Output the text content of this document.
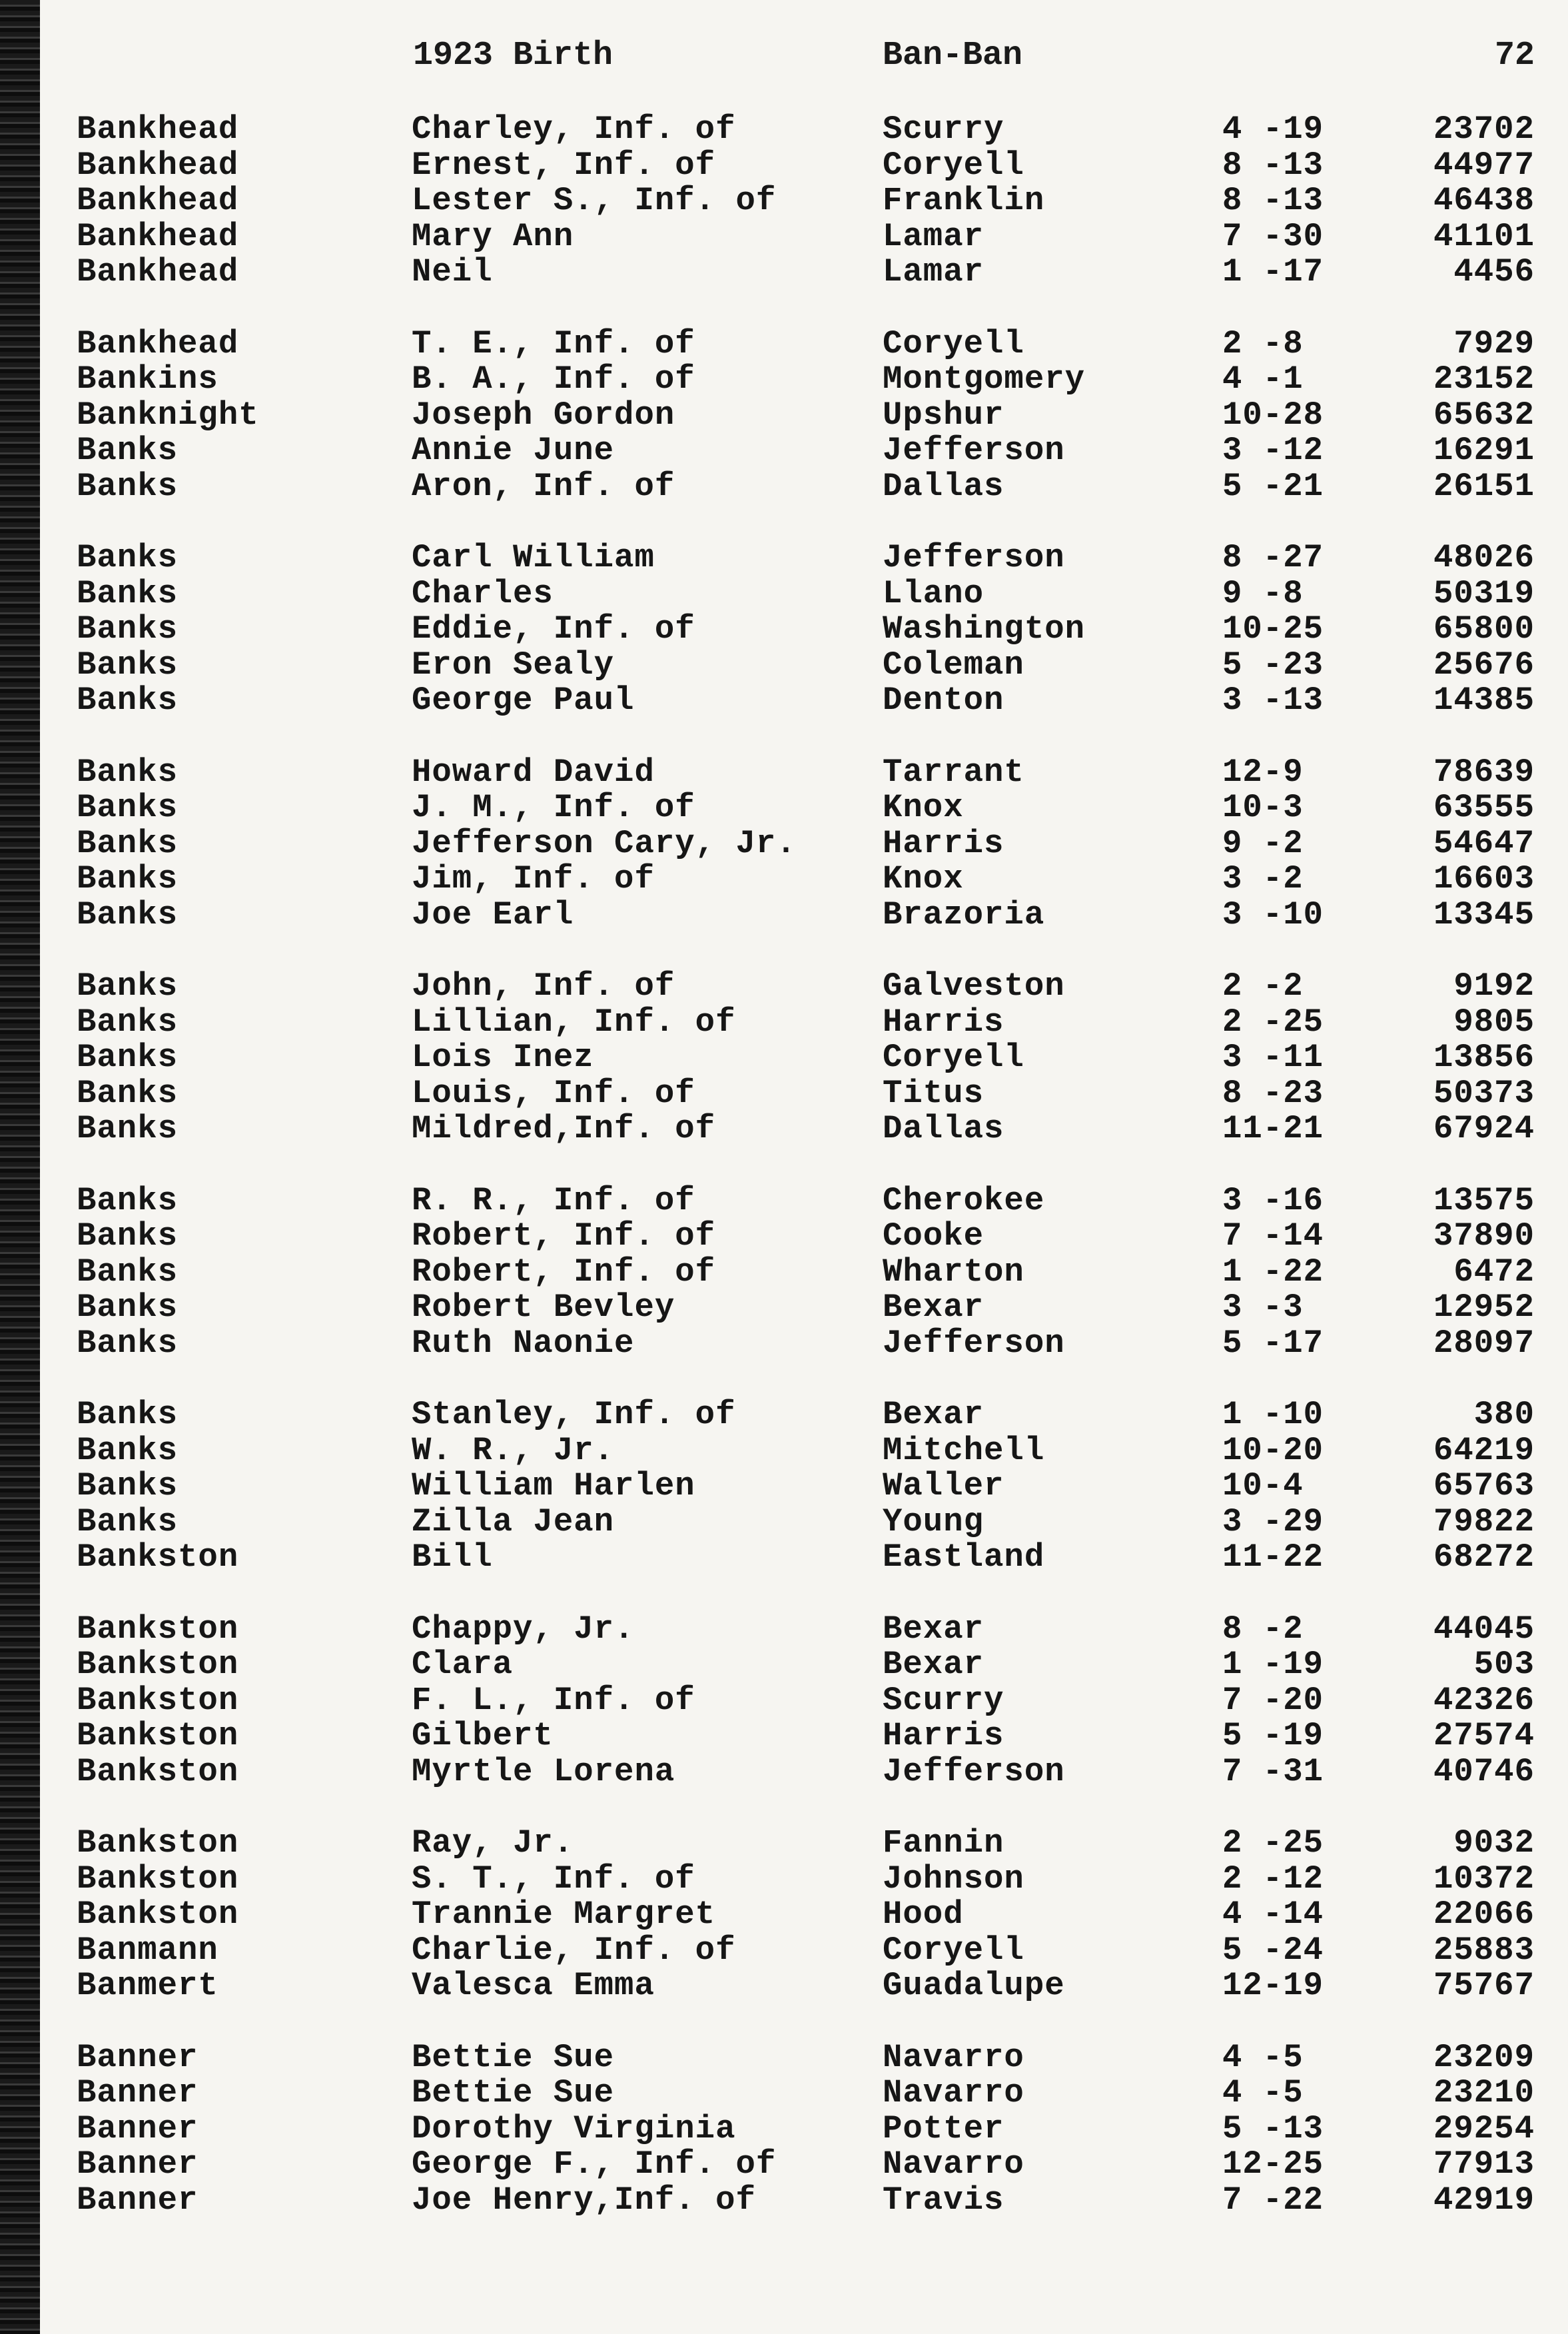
1923 Birth	Ban-Ban	72
Bankhead	Charley, Inf. of	Scurry	4 -19	23702
Bankhead	Ernest, Inf. of	Coryell	8 -13	44977
Bankhead	Lester S., Inf. of	Franklin	8 -13	46438
Bankhead	Mary Ann	Lamar	7 -30	41101
Bankhead	Neil	Lamar	1 -17	4456
Bankhead	T. E., Inf. of	Coryell	2 -8	7929
Bankins	B. A., Inf. of	Montgomery	4 -1	23152
Banknight	Joseph Gordon	Upshur	10-28	65632
Banks	Annie June	Jefferson	3 -12	16291
Banks	Aron, Inf. of	Dallas	5 -21	26151
Banks	Carl William	Jefferson	8 -27	48026
Banks	Charles	Llano	9 -8	50319
Banks	Eddie, Inf. of	Washington	10-25	65800
Banks	Eron Sealy	Coleman	5 -23	25676
Banks	George Paul	Denton	3 -13	14385
Banks	Howard David	Tarrant	12-9	78639
Banks	J. M., Inf. of	Knox	10-3	63555
Banks	Jefferson Cary, Jr.	Harris	9 -2	54647
Banks	Jim, Inf. of	Knox	3 -2	16603
Banks	Joe Earl	Brazoria	3 -10	13345
Banks	John, Inf. of	Galveston	2 -2	9192
Banks	Lillian, Inf. of	Harris	2 -25	9805
Banks	Lois Inez	Coryell	3 -11	13856
Banks	Louis, Inf. of	Titus	8 -23	50373
Banks	Mildred,Inf. of	Dallas	11-21	67924
Banks	R. R., Inf. of	Cherokee	3 -16	13575
Banks	Robert, Inf. of	Cooke	7 -14	37890
Banks	Robert, Inf. of	Wharton	1 -22	6472
Banks	Robert Bevley	Bexar	3 -3	12952
Banks	Ruth Naonie	Jefferson	5 -17	28097
Banks	Stanley, Inf. of	Bexar	1 -10	380
Banks	W. R., Jr.	Mitchell	10-20	64219
Banks	William Harlen	Waller	10-4	65763
Banks	Zilla Jean	Young	3 -29	79822
Bankston	Bill	Eastland	11-22	68272
Bankston	Chappy, Jr.	Bexar	8 -2	44045
Bankston	Clara	Bexar	1 -19	503
Bankston	F. L., Inf. of	Scurry	7 -20	42326
Bankston	Gilbert	Harris	5 -19	27574
Bankston	Myrtle Lorena	Jefferson	7 -31	40746
Bankston	Ray, Jr.	Fannin	2 -25	9032
Bankston	S. T., Inf. of	Johnson	2 -12	10372
Bankston	Trannie Margret	Hood	4 -14	22066
Banmann	Charlie, Inf. of	Coryell	5 -24	25883
Banmert	Valesca Emma	Guadalupe	12-19	75767
Banner	Bettie Sue	Navarro	4 -5	23209
Banner	Bettie Sue	Navarro	4 -5	23210
Banner	Dorothy Virginia	Potter	5 -13	29254
Banner	George F., Inf. of	Navarro	12-25	77913
Banner	Joe Henry,Inf. of	Travis	7 -22	42919
